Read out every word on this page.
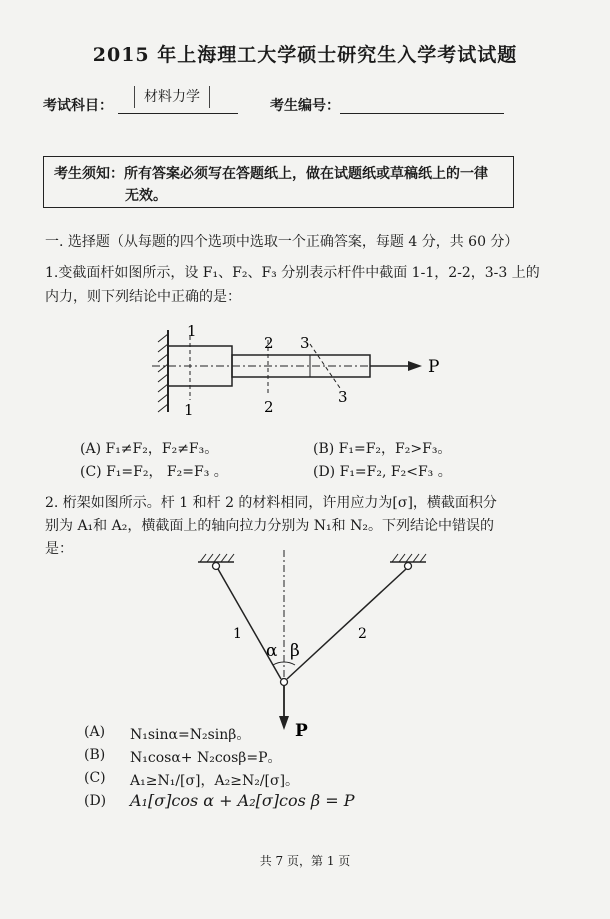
2015 年上海理工大学硕士研究生入学考试试题
考试科目：
材料力学
考生编号：
考生须知：所有答案必须写在答题纸上，做在试题纸或草稿纸上的一律
无效。
一. 选择题（从每题的四个选项中选取一个正确答案，每题 4 分，共 60 分）
1.变截面杆如图所示，设 F₁、F₂、F₃ 分别表示杆件中截面 1-1，2-2，3-3 上的
内力，则下列结论中正确的是：
P
1
1
2
2
3
3
(A) F₁≠F₂，F₂≠F₃。	(B) F₁=F₂，F₂>F₃。
(C) F₁=F₂， F₂=F₃ 。	(D) F₁=F₂, F₂<F₃ 。
2. 桁架如图所示。杆 1 和杆 2 的材料相同，许用应力为[σ]，横截面积分
别为 A₁和 A₂，横截面上的轴向拉力分别为 N₁和 N₂。下列结论中错误的
是：
1	2
α β
P
(A) N₁sinα=N₂sinβ。
(B) N₁cosα+ N₂cosβ=P。
(C) A₁≥N₁/[σ]，A₂≥N₂/[σ]。
(D) A₁[σ]cos α + A₂[σ]cos β = P
共 7 页，第 1 页
